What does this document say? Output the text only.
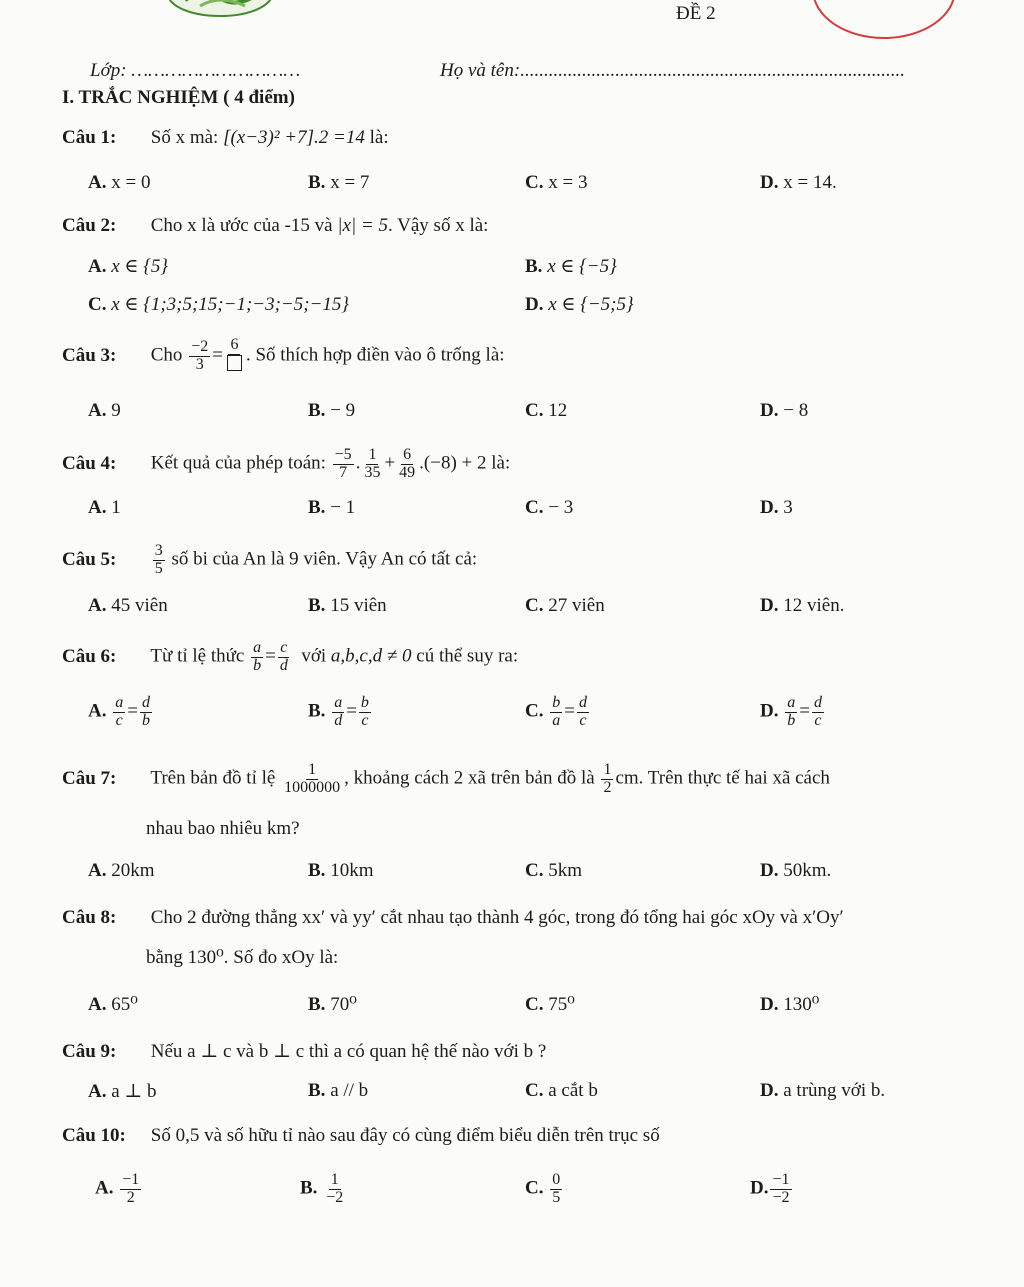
ĐỀ 2
Lớp: …………………………	Họ và tên:.................................................................................
I. TRẮC NGHIỆM ( 4 điểm)
Câu 1: Số x mà: [(x−3)² +7].2 =14 là:
A. x = 0	B. x = 7	C. x = 3	D. x = 14.
Câu 2: Cho x là ước của -15 và |x| = 5. Vậy số x là:
A. x ∈ {5}	B. x ∈ {−5}
C. x ∈ {1;3;5;15;−1;−3;−5;−15}	D. x ∈ {−5;5}
Câu 3: Cho $\frac{-2}{3}$ =
6
. Số thích hợp điền vào ô trống là:
A. 9	B. − 9	C. 12	D. − 8
Câu 4: Kết quả của phép toán: $\frac{-5}{7}$ . $\frac{1}{35} + \frac{6}{49} .(-8) + 2$ là:
A. 1	B. − 1	C. − 3	D. 3
Câu 5: $\frac{3}{5}$ số bi của An là 9 viên. Vậy An có tất cả:
A. 45 viên	B. 15 viên	C. 27 viên	D. 12 viên.
Câu 6: Từ tỉ lệ thức $\frac{a}{b} = \frac{c}{d}$ với a,b,c,d ≠ 0 cú thể suy ra:
A. $\frac{a}{c} = \frac{d}{b}$	B. $\frac{a}{d} = \frac{b}{c}$	C. $\frac{b}{a} = \frac{d}{c}$	D. $\frac{a}{b} = \frac{d}{c}$
Câu 7: Trên bản đồ tỉ lệ $\frac{1}{1000000}$ , khoảng cách 2 xã trên bản đồ là $\frac{1}{2}$ cm. Trên thực tế hai xã cách
nhau bao nhiêu km?
A. 20km	B. 10km	C. 5km	D. 50km.
Câu 8: Cho 2 đường thẳng xx′ và yy′ cắt nhau tạo thành 4 góc, trong đó tổng hai góc xOy và x′Oy′
bằng 130⁰. Số đo xOy là:
A. 65⁰	B. 70⁰	C. 75⁰	D. 130⁰
Câu 9: Nếu a ⊥ c và b ⊥ c thì a có quan hệ thế nào với b ?
A. a ⊥ b	B. a // b	C. a cắt b	D. a trùng với b.
Câu 10: Số 0,5 và số hữu tỉ nào sau đây có cùng điểm biểu diễn trên trục số
A. $\frac{-1}{2}$	B. $\frac{1}{-2}$	C. $\frac{0}{5}$	D. $\frac{-1}{-2}$
